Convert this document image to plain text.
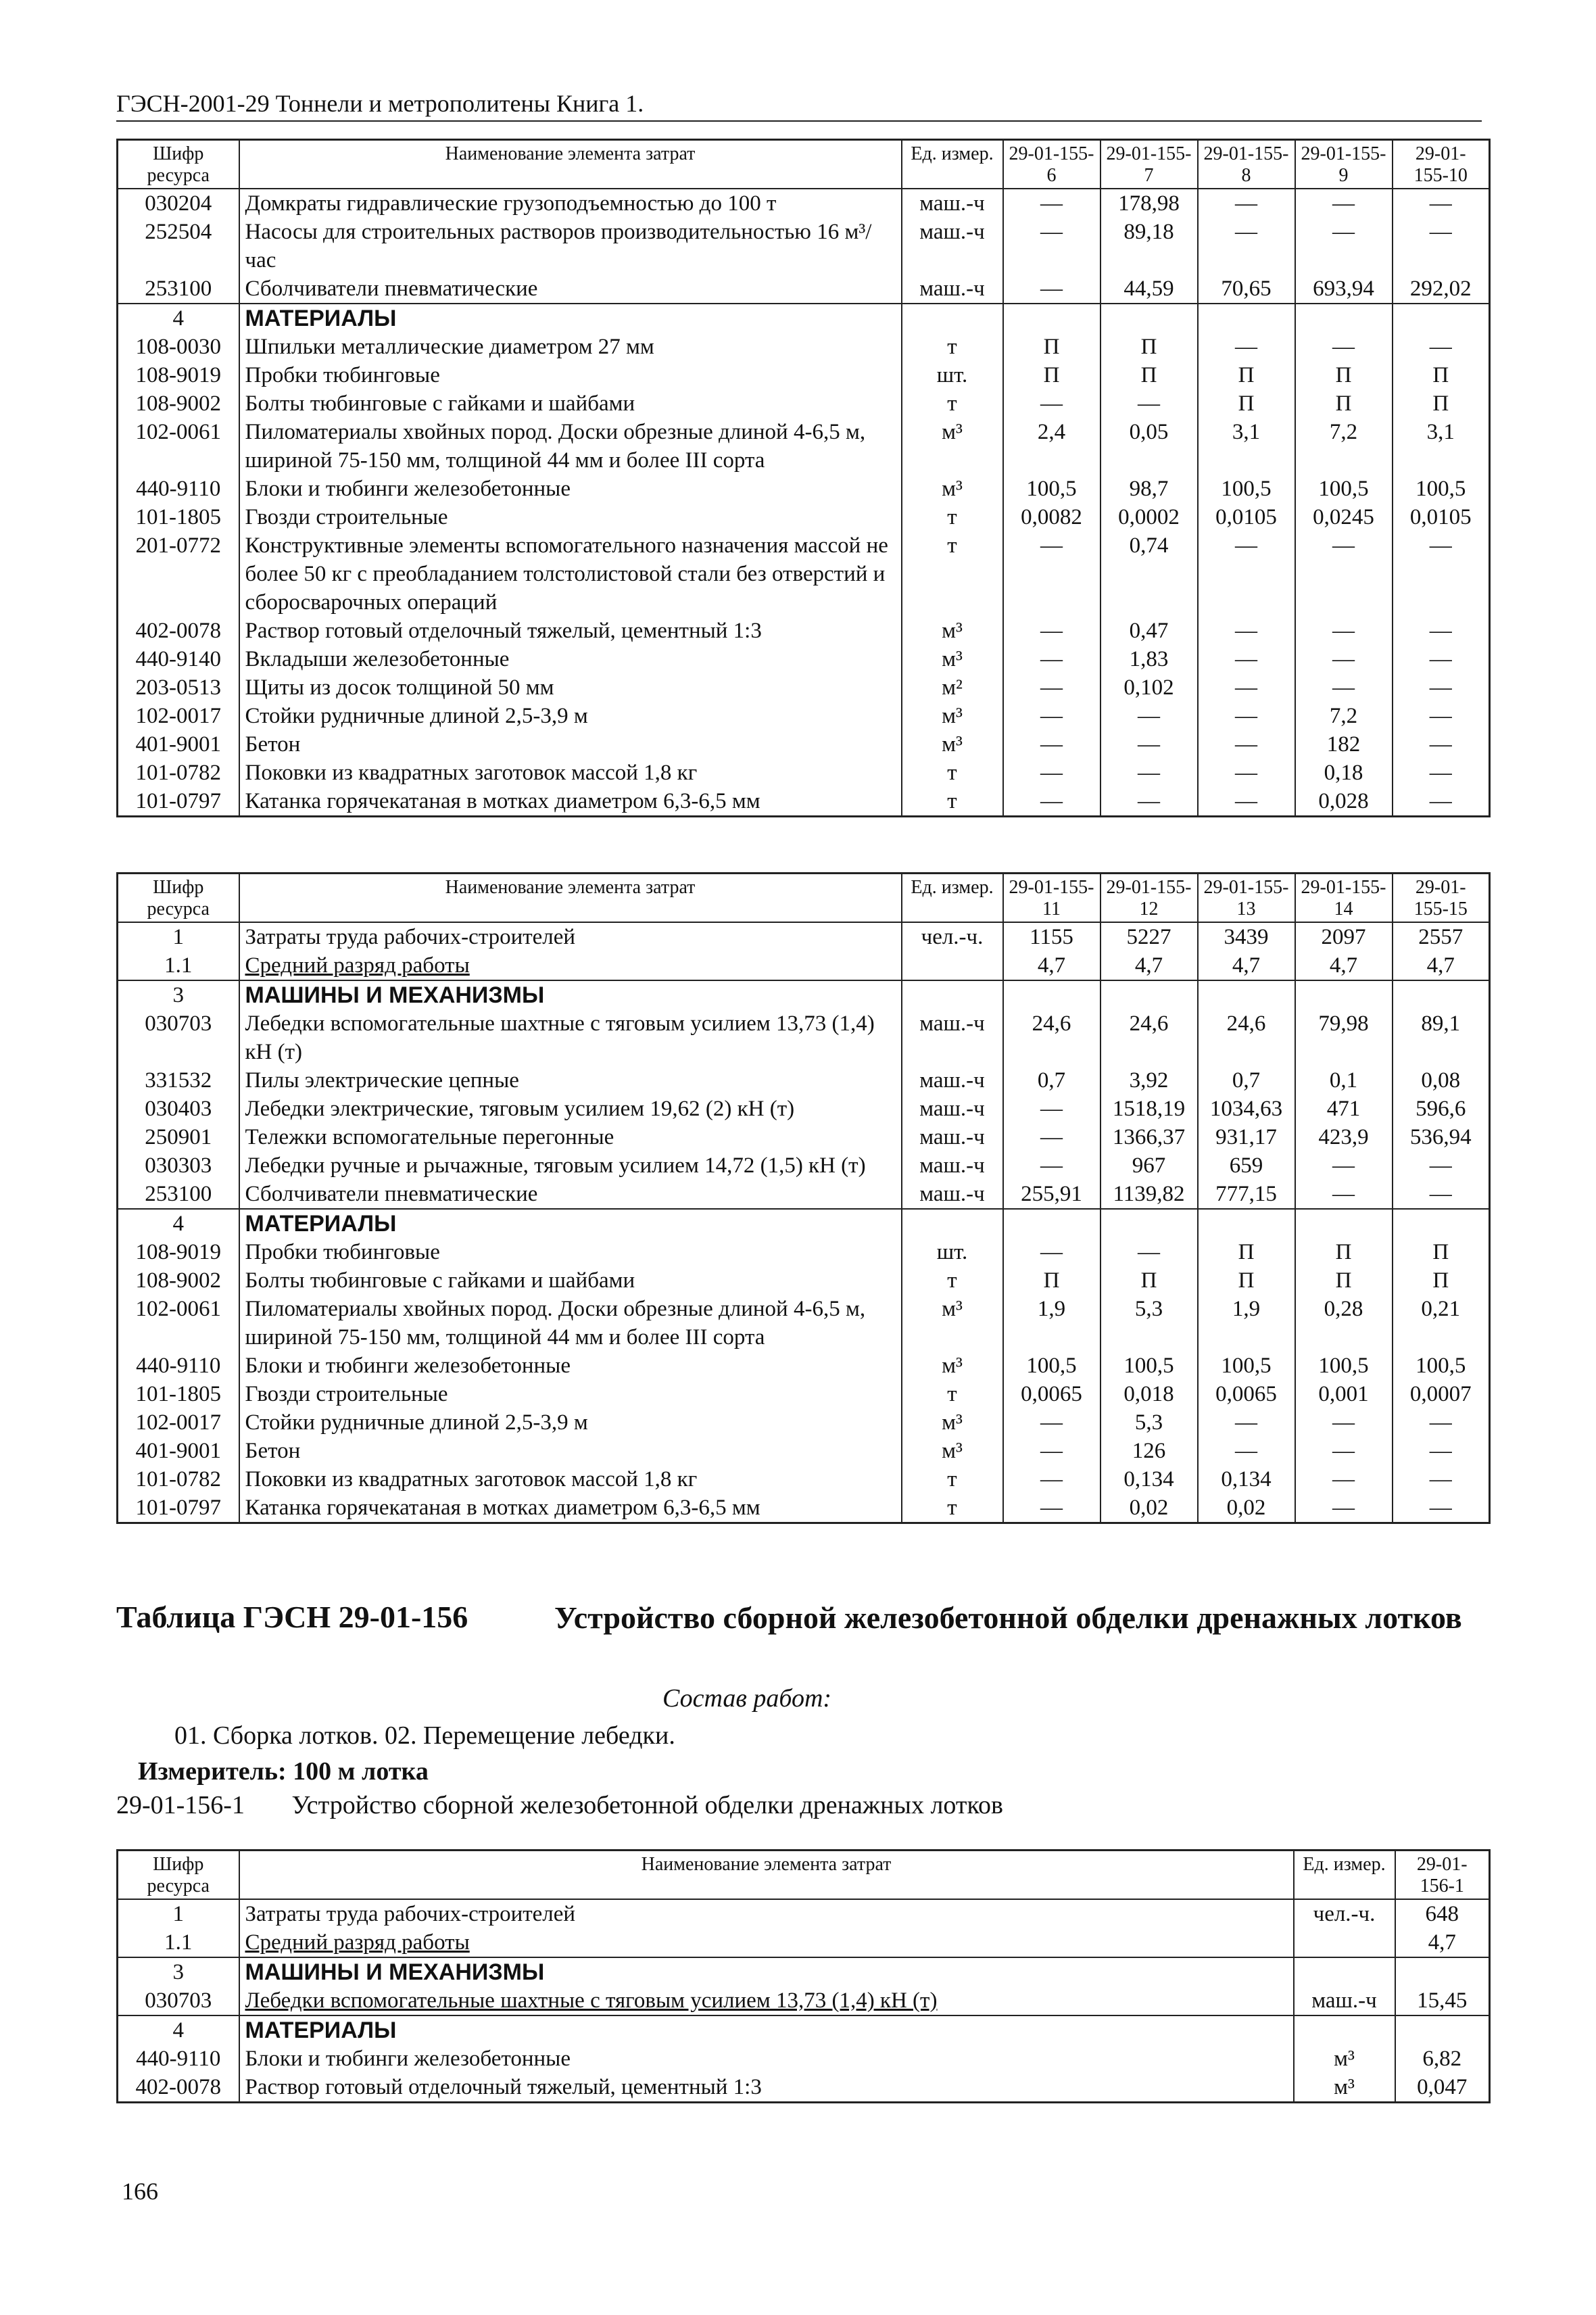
ГЭСН-2001-29 Тоннели и метрополитены Книга 1.
Шифр ресурса	Наименование элемента затрат	Ед. измер.	29-01-155-6	29-01-155-7	29-01-155-8	29-01-155-9	29-01-155-10
030204	Домкраты гидравлические грузоподъемностью до 100 т	маш.-ч	—	178,98	—	—	—
252504	Насосы для строительных растворов производительностью 16 м³/час	маш.-ч	—	89,18	—	—	—
253100	Сболчиватели пневматические	маш.-ч	—	44,59	70,65	693,94	292,02
4	МАТЕРИАЛЫ						
108-0030	Шпильки металлические диаметром 27 мм	т	П	П	—	—	—
108-9019	Пробки тюбинговые	шт.	П	П	П	П	П
108-9002	Болты тюбинговые с гайками и шайбами	т	—	—	П	П	П
102-0061	Пиломатериалы хвойных пород. Доски обрезные длиной 4-6,5 м, шириной 75-150 мм, толщиной 44 мм и более III сорта	м³	2,4	0,05	3,1	7,2	3,1
440-9110	Блоки и тюбинги железобетонные	м³	100,5	98,7	100,5	100,5	100,5
101-1805	Гвозди строительные	т	0,0082	0,0002	0,0105	0,0245	0,0105
201-0772	Конструктивные элементы вспомогательного назначения массой не более 50 кг с преобладанием толстолистовой стали без отверстий и сборосварочных операций	т	—	0,74	—	—	—
402-0078	Раствор готовый отделочный тяжелый, цементный 1:3	м³	—	0,47	—	—	—
440-9140	Вкладыши железобетонные	м³	—	1,83	—	—	—
203-0513	Щиты из досок толщиной 50 мм	м²	—	0,102	—	—	—
102-0017	Стойки рудничные длиной 2,5-3,9 м	м³	—	—	—	7,2	—
401-9001	Бетон	м³	—	—	—	182	—
101-0782	Поковки из квадратных заготовок массой 1,8 кг	т	—	—	—	0,18	—
101-0797	Катанка горячекатаная в мотках диаметром 6,3-6,5 мм	т	—	—	—	0,028	—
Шифр ресурса	Наименование элемента затрат	Ед. измер.	29-01-155-11	29-01-155-12	29-01-155-13	29-01-155-14	29-01-155-15
1	Затраты труда рабочих-строителей	чел.-ч.	1155	5227	3439	2097	2557
1.1	Средний разряд работы		4,7	4,7	4,7	4,7	4,7
3	МАШИНЫ И МЕХАНИЗМЫ						
030703	Лебедки вспомогательные шахтные с тяговым усилием 13,73 (1,4) кН (т)	маш.-ч	24,6	24,6	24,6	79,98	89,1
331532	Пилы электрические цепные	маш.-ч	0,7	3,92	0,7	0,1	0,08
030403	Лебедки электрические, тяговым усилием 19,62 (2) кН (т)	маш.-ч	—	1518,19	1034,63	471	596,6
250901	Тележки вспомогательные перегонные	маш.-ч	—	1366,37	931,17	423,9	536,94
030303	Лебедки ручные и рычажные, тяговым усилием 14,72 (1,5) кН (т)	маш.-ч	—	967	659	—	—
253100	Сболчиватели пневматические	маш.-ч	255,91	1139,82	777,15	—	—
4	МАТЕРИАЛЫ						
108-9019	Пробки тюбинговые	шт.	—	—	П	П	П
108-9002	Болты тюбинговые с гайками и шайбами	т	П	П	П	П	П
102-0061	Пиломатериалы хвойных пород. Доски обрезные длиной 4-6,5 м, шириной 75-150 мм, толщиной 44 мм и более III сорта	м³	1,9	5,3	1,9	0,28	0,21
440-9110	Блоки и тюбинги железобетонные	м³	100,5	100,5	100,5	100,5	100,5
101-1805	Гвозди строительные	т	0,0065	0,018	0,0065	0,001	0,0007
102-0017	Стойки рудничные длиной 2,5-3,9 м	м³	—	5,3	—	—	—
401-9001	Бетон	м³	—	126	—	—	—
101-0782	Поковки из квадратных заготовок массой 1,8 кг	т	—	0,134	0,134	—	—
101-0797	Катанка горячекатаная в мотках диаметром 6,3-6,5 мм	т	—	0,02	0,02	—	—
Таблица ГЭСН 29-01-156	Устройство сборной железобетонной обделки дренажных лотков
Состав работ:
01. Сборка лотков. 02. Перемещение лебедки.
Измеритель: 100 м лотка
29-01-156-1 Устройство сборной железобетонной обделки дренажных лотков
Шифр ресурса	Наименование элемента затрат	Ед. измер.	29-01-156-1
1	Затраты труда рабочих-строителей	чел.-ч.	648
1.1	Средний разряд работы		4,7
3	МАШИНЫ И МЕХАНИЗМЫ		
030703	Лебедки вспомогательные шахтные с тяговым усилием 13,73 (1,4) кН (т)	маш.-ч	15,45
4	МАТЕРИАЛЫ		
440-9110	Блоки и тюбинги железобетонные	м³	6,82
402-0078	Раствор готовый отделочный тяжелый, цементный 1:3	м³	0,047
166
